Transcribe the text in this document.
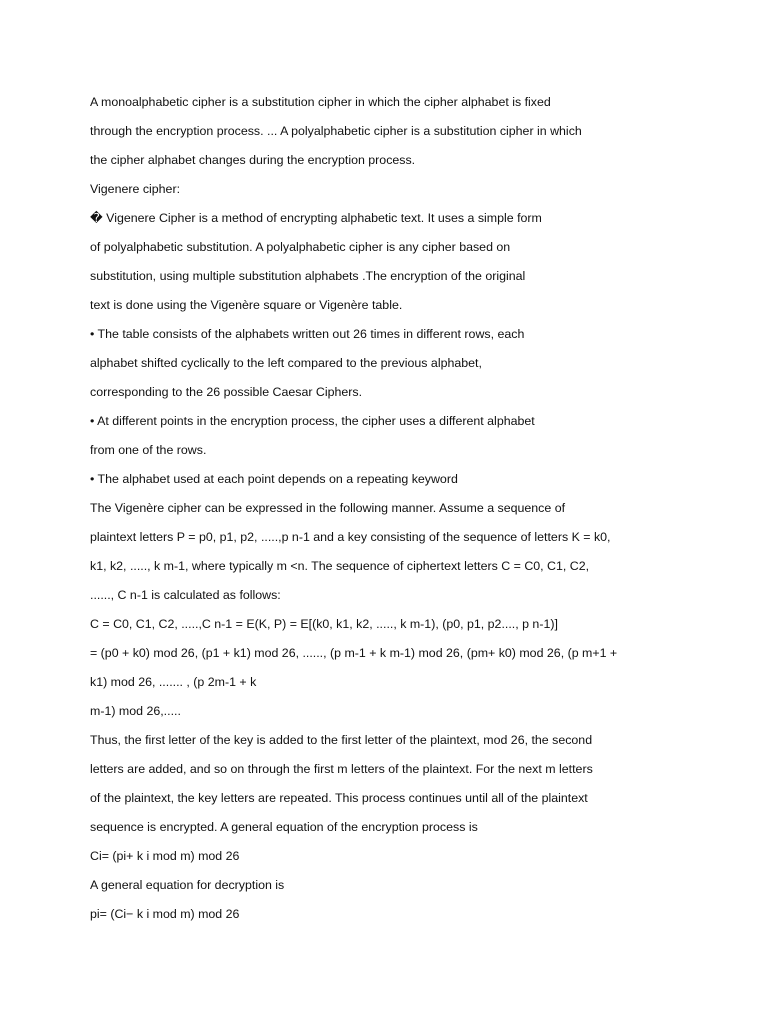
A monoalphabetic cipher is a substitution cipher in which the cipher alphabet is fixed
through the encryption process. ... A polyalphabetic cipher is a substitution cipher in which
the cipher alphabet changes during the encryption process.
Vigenere cipher:
� Vigenere Cipher is a method of encrypting alphabetic text. It uses a simple form
of polyalphabetic substitution. A polyalphabetic cipher is any cipher based on
substitution, using multiple substitution alphabets .The encryption of the original
text is done using the Vigenère square or Vigenère table.
• The table consists of the alphabets written out 26 times in different rows, each
alphabet shifted cyclically to the left compared to the previous alphabet,
corresponding to the 26 possible Caesar Ciphers.
• At different points in the encryption process, the cipher uses a different alphabet
from one of the rows.
• The alphabet used at each point depends on a repeating keyword
The Vigenère cipher can be expressed in the following manner. Assume a sequence of
plaintext letters P = p0, p1, p2, .....,p n-1 and a key consisting of the sequence of letters K = k0,
k1, k2, ....., k m-1, where typically m <n. The sequence of ciphertext letters C = C0, C1, C2,
......, C n-1 is calculated as follows:
C = C0, C1, C2, .....,C n-1 = E(K, P) = E[(k0, k1, k2, ....., k m-1), (p0, p1, p2...., p n-1)]
= (p0 + k0) mod 26, (p1 + k1) mod 26, ......, (p m-1 + k m-1) mod 26, (pm+ k0) mod 26, (p m+1 +
k1) mod 26, ....... , (p 2m-1 + k
m-1) mod 26,.....
Thus, the first letter of the key is added to the first letter of the plaintext, mod 26, the second
letters are added, and so on through the first m letters of the plaintext. For the next m letters
of the plaintext, the key letters are repeated. This process continues until all of the plaintext
sequence is encrypted. A general equation of the encryption process is
Ci= (pi+ k i mod m) mod 26
A general equation for decryption is
pi= (Ci− k i mod m) mod 26
